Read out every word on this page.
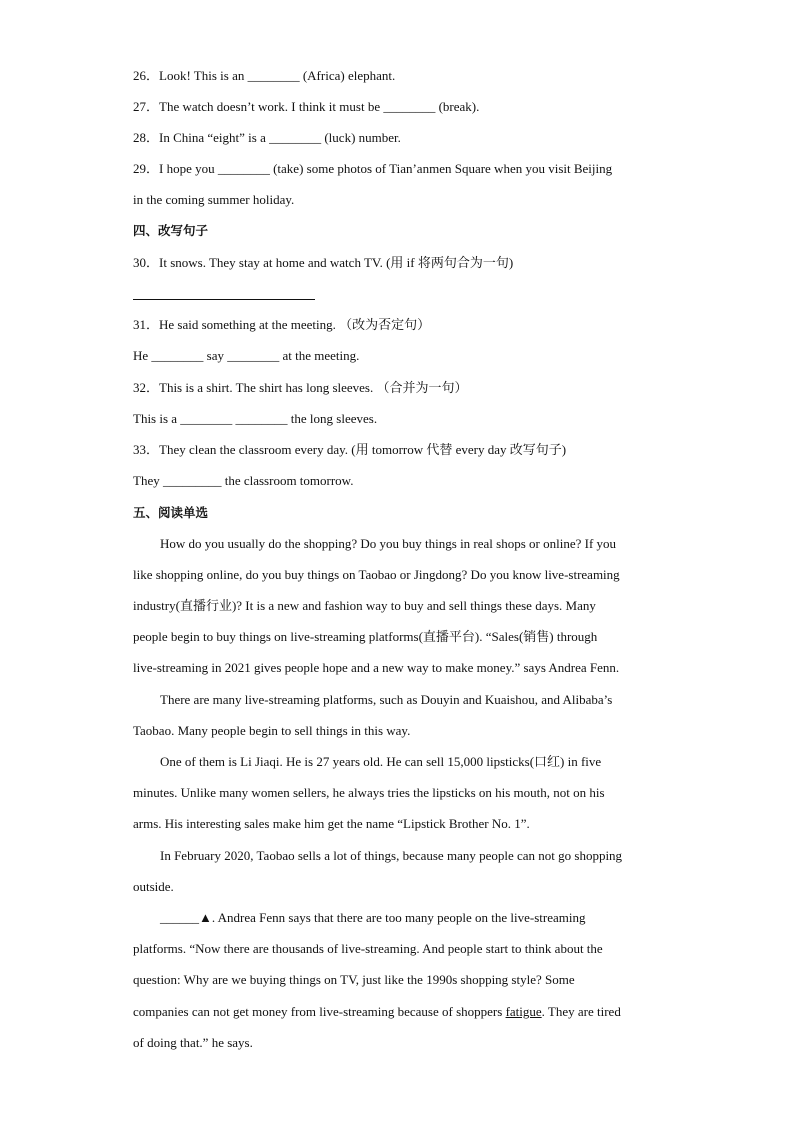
26．Look! This is an ________ (Africa) elephant.
27．The watch doesn’t work. I think it must be ________ (break).
28．In China “eight” is a ________ (luck) number.
29．I hope you ________ (take) some photos of Tian’anmen Square when you visit Beijing
in the coming summer holiday.
四、改写句子
30．It snows. They stay at home and watch TV. (用 if 将两句合为一句)
31．He said something at the meeting. （改为否定句）
He ________ say ________ at the meeting.
32．This is a shirt. The shirt has long sleeves. （合并为一句）
This is a ________ ________ the long sleeves.
33．They clean the classroom every day. (用 tomorrow 代替 every day 改写句子)
They _________ the classroom tomorrow.
五、阅读单选
How do you usually do the shopping? Do you buy things in real shops or online? If you
like shopping online, do you buy things on Taobao or Jingdong? Do you know live-streaming
industry(直播行业)? It is a new and fashion way to buy and sell things these days. Many
people begin to buy things on live-streaming platforms(直播平台). “Sales(销售) through
live-streaming in 2021 gives people hope and a new way to make money.” says Andrea Fenn.
There are many live-streaming platforms, such as Douyin and Kuaishou, and Alibaba’s
Taobao. Many people begin to sell things in this way.
One of them is Li Jiaqi. He is 27 years old. He can sell 15,000 lipsticks(口红) in five
minutes. Unlike many women sellers, he always tries the lipsticks on his mouth, not on his
arms. His interesting sales make him get the name “Lipstick Brother No. 1”.
In February 2020, Taobao sells a lot of things, because many people can not go shopping
outside.
______▲. Andrea Fenn says that there are too many people on the live-streaming
platforms. “Now there are thousands of live-streaming. And people start to think about the
question: Why are we buying things on TV, just like the 1990s shopping style? Some
companies can not get money from live-streaming because of shoppers fatigue. They are tired
of doing that.” he says.
